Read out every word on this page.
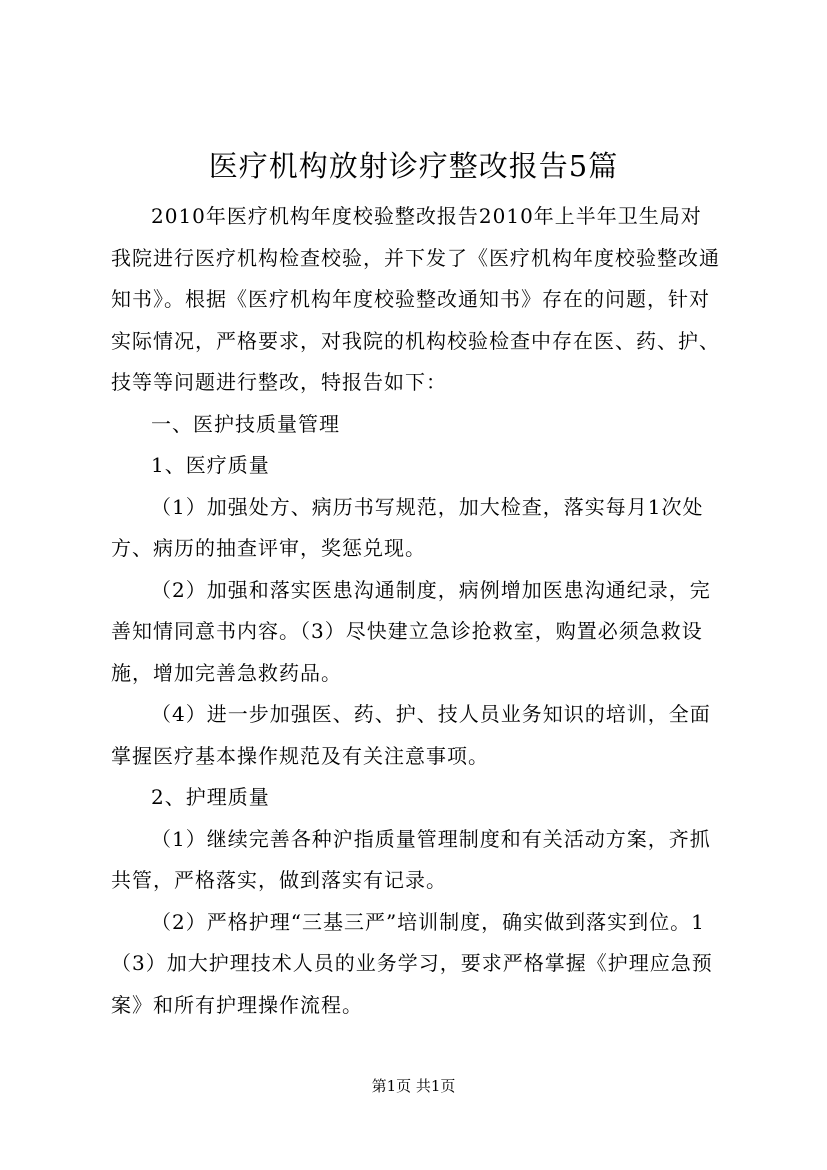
医疗机构放射诊疗整改报告5篇

2010年医疗机构年度校验整改报告2010年上半年卫生局对我院进行医疗机构检查校验，并下发了《医疗机构年度校验整改通知书》。根据《医疗机构年度校验整改通知书》存在的问题，针对实际情况，严格要求，对我院的机构校验检查中存在医、药、护、技等等问题进行整改，特报告如下：

一、医护技质量管理

1、医疗质量

（1）加强处方、病历书写规范，加大检查，落实每月1次处方、病历的抽查评审，奖惩兑现。

（2）加强和落实医患沟通制度，病例增加医患沟通纪录，完善知情同意书内容。（3）尽快建立急诊抢救室，购置必须急救设施，增加完善急救药品。

（4）进一步加强医、药、护、技人员业务知识的培训，全面掌握医疗基本操作规范及有关注意事项。

2、护理质量

（1）继续完善各种沪指质量管理制度和有关活动方案，齐抓共管，严格落实，做到落实有记录。

（2）严格护理“三基三严”培训制度，确实做到落实到位。1（3）加大护理技术人员的业务学习，要求严格掌握《护理应急预案》和所有护理操作流程。

第1页 共1页
